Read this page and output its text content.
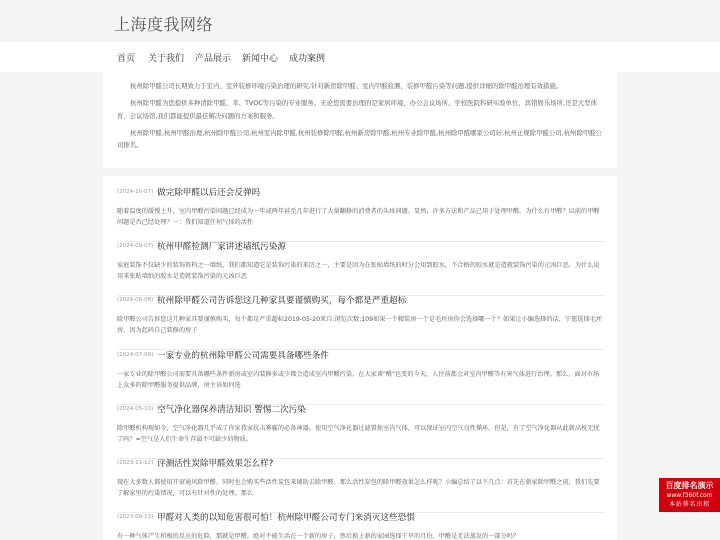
上海度我网络
首页 关于我们 产品展示 新闻中心 成功案例

杭州除甲醛公司长期致力于室内、室外装修环境污染治理的研究,针对新房除甲醛、室内甲醛检测、装修甲醛污染等问题,提供详细的除甲醛治理有效措施。

杭州除甲醛为您提供多种清除甲醛、苯、TVOC等污染的专业服务。无论您需要治理的是家居环境、办公会议场所、学校医院科研实验单位、宾馆娱乐场所,还是大型体育、会议场馆,我们都能提供最佳解决问题的方案和服务。

杭州除甲醛,杭州甲醛治理,杭州除甲醛公司,杭州室内除甲醛,杭州装修除甲醛,杭州新房除甲醛,杭州专业除甲醛,杭州除甲醛哪家公司好,杭州正规除甲醛公司,杭州除甲醛公司排名。

(2024-10-07) 做完除甲醛以后还会反弹吗
随着温度的缓慢上升，室内甲醛污染问题已经成为一年或两年甚至几年进行了大量翻修的消费者的头疼问题。显然，许多方法和产品已用于处理甲醛。为什么有甲醛？以前的甲醛问题是否已经处理？一：我们知道任何气体的活性
(2024-09-07) 杭州甲醛检测厂家讲述墙纸污染源
家庭装饰不仅缺少的装饰资料之一墙纸，我们都知道它是装饰污染的来历之一，主要是因为在张贴墙纸的时分会用到胶水，不合格的胶水就是造就装饰污染的元凶巨恶。为什么说用来张贴墙纸的胶水是造就装饰污染的元凶巨恶
(2024-08-08) 杭州除甲醛公司告诉您这几种家具要谨慎购买，每个都是严重超标
除甲醛公司告诉您这几种家具要谨慎购买，每个都是严重超标2019-05-20来自:浏览次数:109如果一个精装房一个是毛坯房你会选择哪一个？如果让小编选择的话，宁愿选择毛坯房，因为起码自己装修的房子
(2024-07-09) 一家专业的杭州除甲醛公司需要具备哪些条件
一家专业的除甲醛公司需要具备哪些条件新房或室内装修多或少都会造成室内甲醛污染，在大家谈"醛"色变的今天，人住前都会对室内甲醛等有害气体进行治理。那么，面对市场上众多的除甲醛服务提供品牌，房主该如何选
(2024-05-10) 空气净化器保养清洁知识 警惕二次污染
除甲醛机构现如今，空气净化器几乎成了你家我家抗击雾霾的必备神器。使用空气净化器过滤置换室内气体，可以保证室内空气良性循环。但是，有了空气净化器从此就高枕无忧了吗？=空气是人们生命生存最不可缺少的物质。
(2023-11-12) 评测活性炭除甲醛效果怎么样?
现在大多数人都使用开窗通风除甲醛，同时也会购买些活性炭包来辅助去除甲醛。那么活性炭包的除甲醛效果怎么样呢？小编总结了以下几点：首先在新家除甲醛之前，我们先要了解家里的污染情况，可以有针对性的处理。那么
(2023-09-13) 甲醛对人类的以知危害很可怕！杭州除甲醛公司专门来消灭这些恐惧
有一种气体产生积极的反应的危险，那就是甲醛。绝对不能生活在一个新的房子，然后换上新的家园选择干旱的月份，甲醛是无法蒸发的一部分吗？
百度排名演示
www.f360f.com
本站排名出租
